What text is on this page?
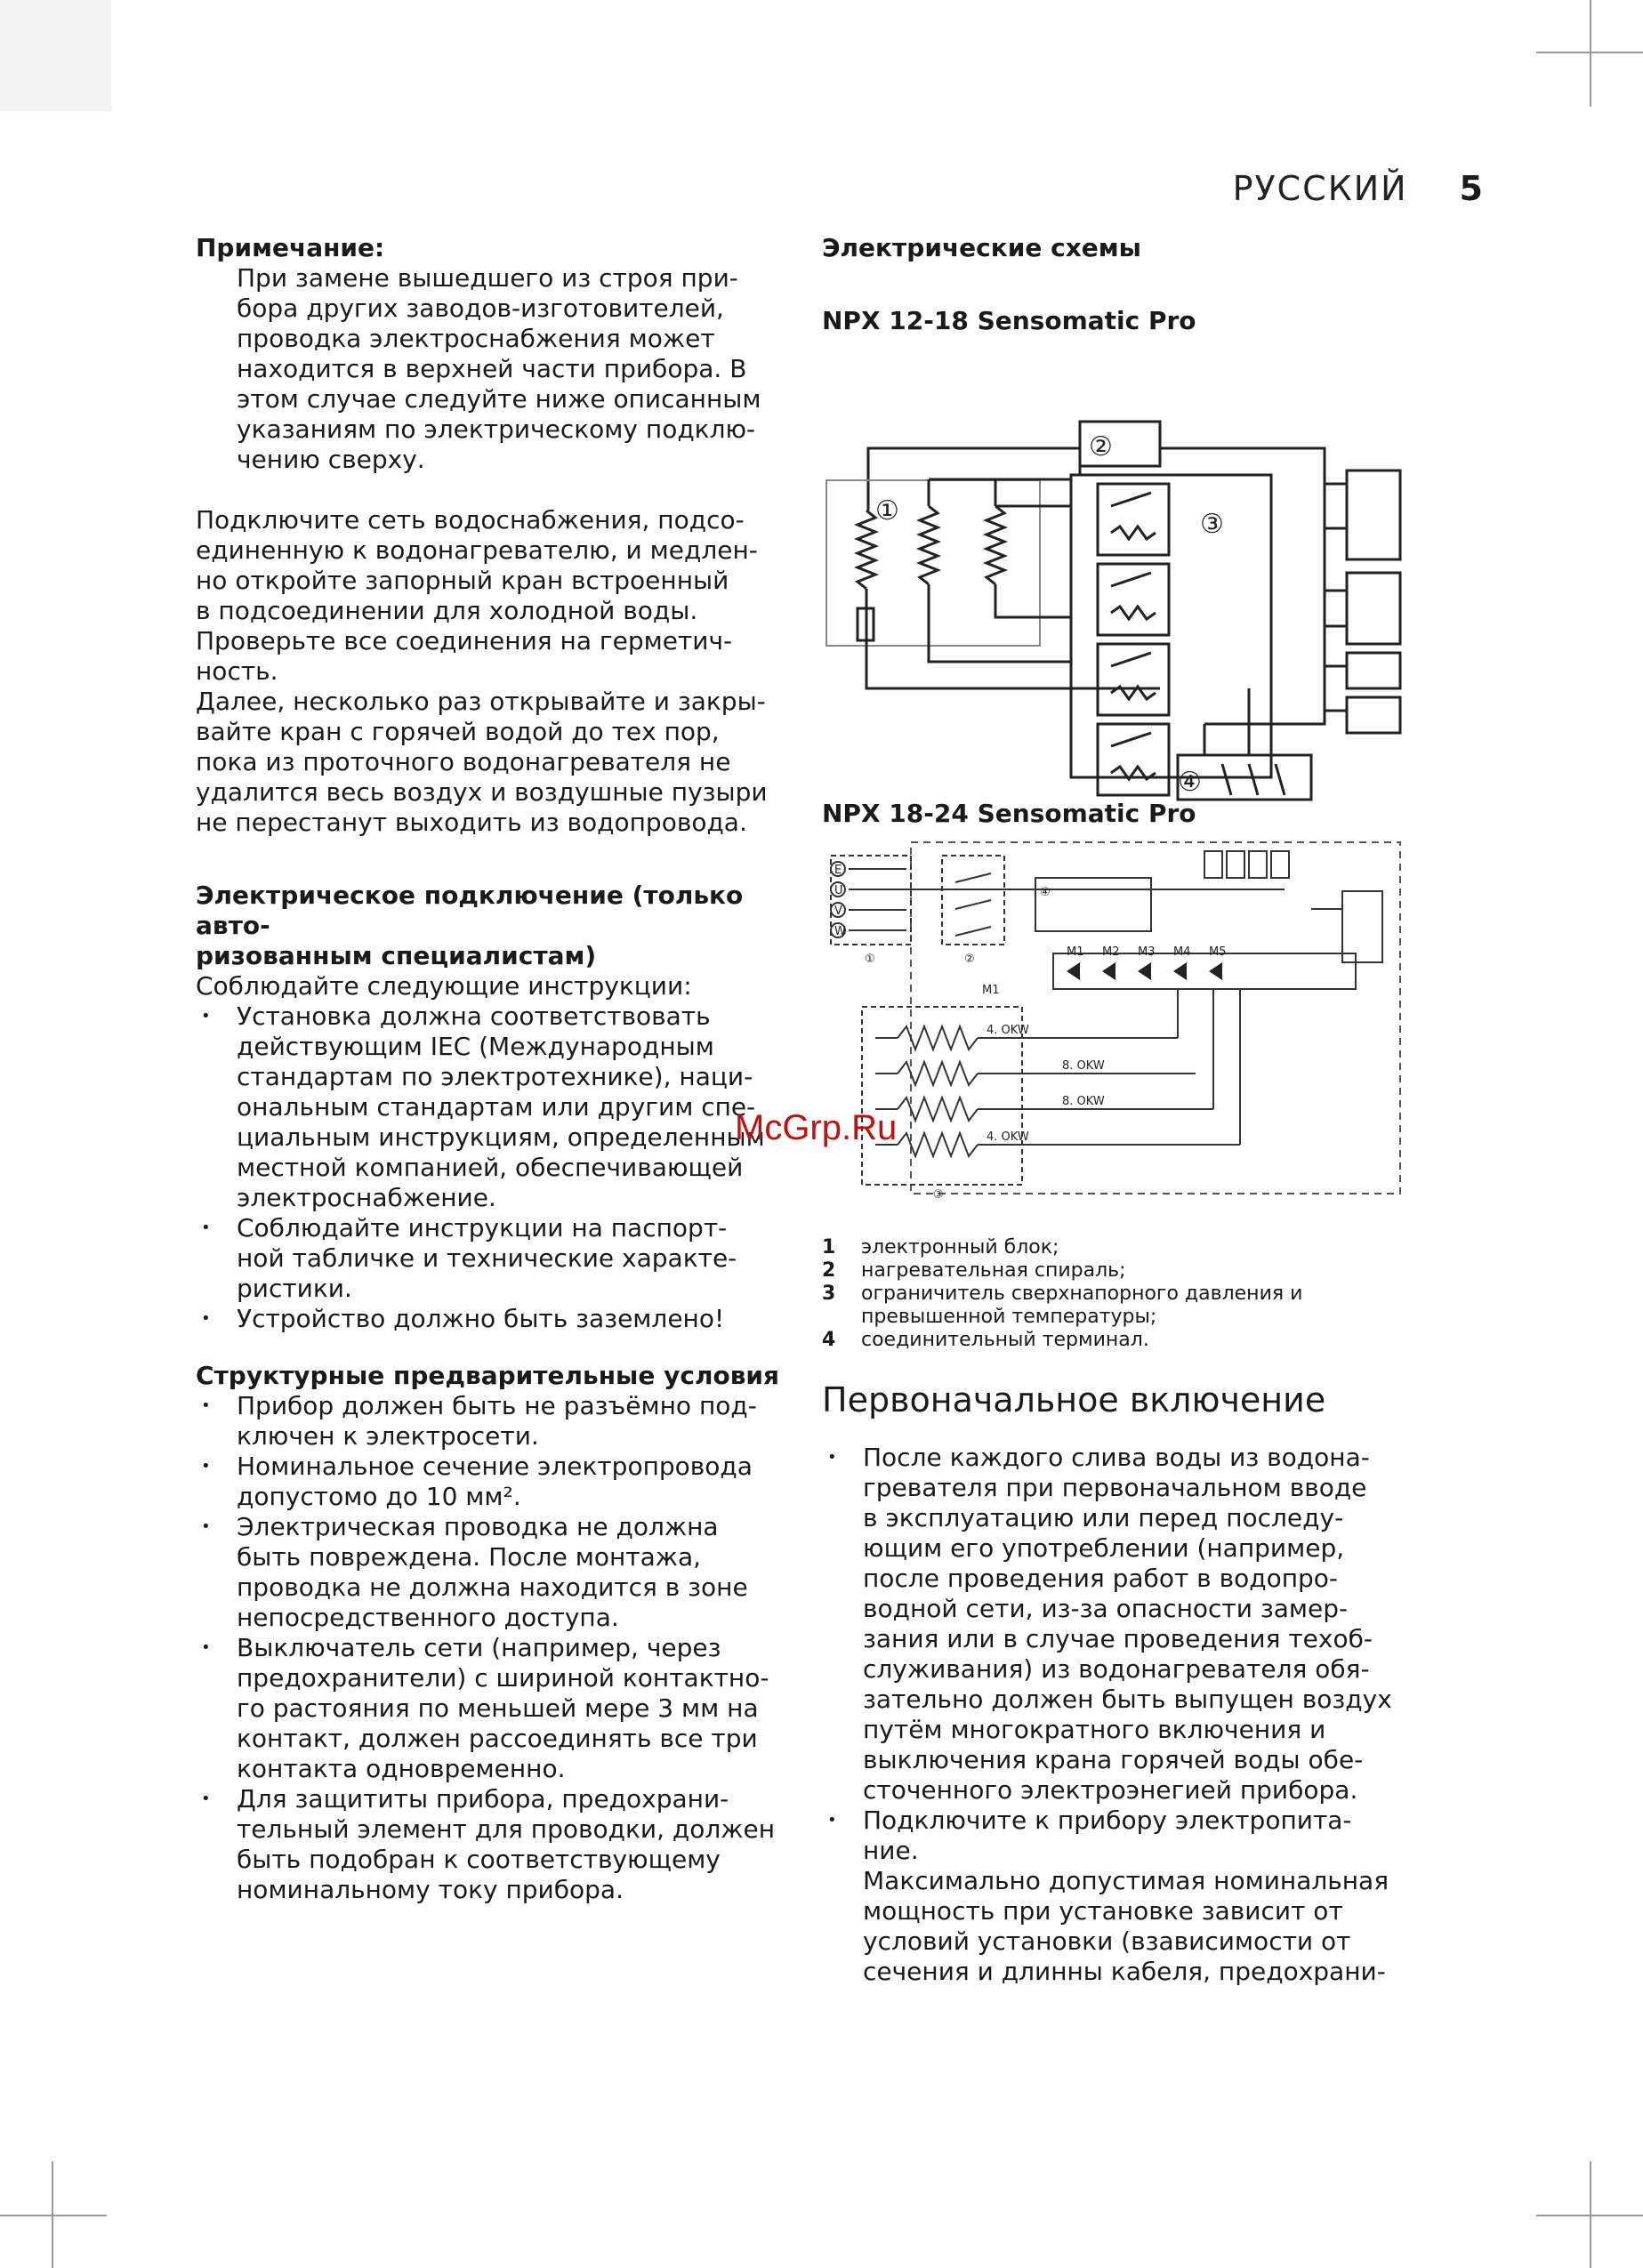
РУССКИЙ 5

Примечание:

При замене вышедшего из строя при-

бора других заводов-изготовителей,

проводка электроснабжения может

находится в верхней части прибора. В

этом случае следуйте ниже описанным

указаниям по электрическому подклю-

чению сверху.

Подключите сеть водоснабжения, подсо-

единенную к водонагревателю, и медлен-

но откройте запорный кран встроенный

в подсоединении для холодной воды.

Проверьте все соединения на герметич-

ность.

Далее, несколько раз открывайте и закры-

вайте кран с горячей водой до тех пор,

пока из проточного водонагревателя не

удалится весь воздух и воздушные пузыри

не перестанут выходить из водопровода.

Электрическое подключение (только авто-

ризованным специалистам)

Соблюдайте следующие инструкции:

• Установка должна соответствовать
действующим IEC (Международным
стандартам по электротехнике), наци-
ональным стандартам или другим спе-
циальным инструкциям, определенным
местной компанией, обеспечивающей
электроснабжение.
• Соблюдайте инструкции на паспорт-
ной табличке и технические характе-
ристики.
• Устройство должно быть заземлено!

Структурные предварительные условия

• Прибор должен быть не разъёмно под-
ключен к электросети.
• Номинальное сечение электропровода
допустомо до 10 мм².
• Электрическая проводка не должна
быть повреждена. После монтажа,
проводка не должна находится в зоне
непосредственного доступа.
• Выключатель сети (например, через
предохранители) с шириной контактно-
го растояния по меньшей мере 3 мм на
контакт, должен рассоединять все три
контакта одновременно.
• Для защититы прибора, предохрани-
тельный элемент для проводки, должен
быть подобран к соответствующему
номинальному току прибора.

Электрические схемы

NPX 12-18 Sensomatic Pro

①
②
③
④

NPX 18-24 Sensomatic Pro

E
U
V
W
M1 M2 M3 M4 M5
4. OKW
8. OKW
8. OKW
4. OKW
M1
①	②
④
③
1	электронный блок;
2	нагревательная спираль;
3	ограничитель сверхнапорного давления и
превышенной температуры;
4	соединительный терминал.

Первоначальное включение

• После каждого слива воды из водона-
гревателя при первоначальном вводе
в эксплуатацию или перед последу-
ющим его употреблении (например,
после проведения работ в водопро-
водной сети, из-за опасности замер-
зания или в случае проведения техоб-
служивания) из водонагревателя обя-
зательно должен быть выпущен воздух
путём многократного включения и
выключения крана горячей воды обе-
сточенного электроэнегией прибора.
• Подключите к прибору электропита-
ние.
Максимально допустимая номинальная
мощность при установке зависит от
условий установки (взависимости от
сечения и длинны кабеля, предохрани-
McGrp.Ru
